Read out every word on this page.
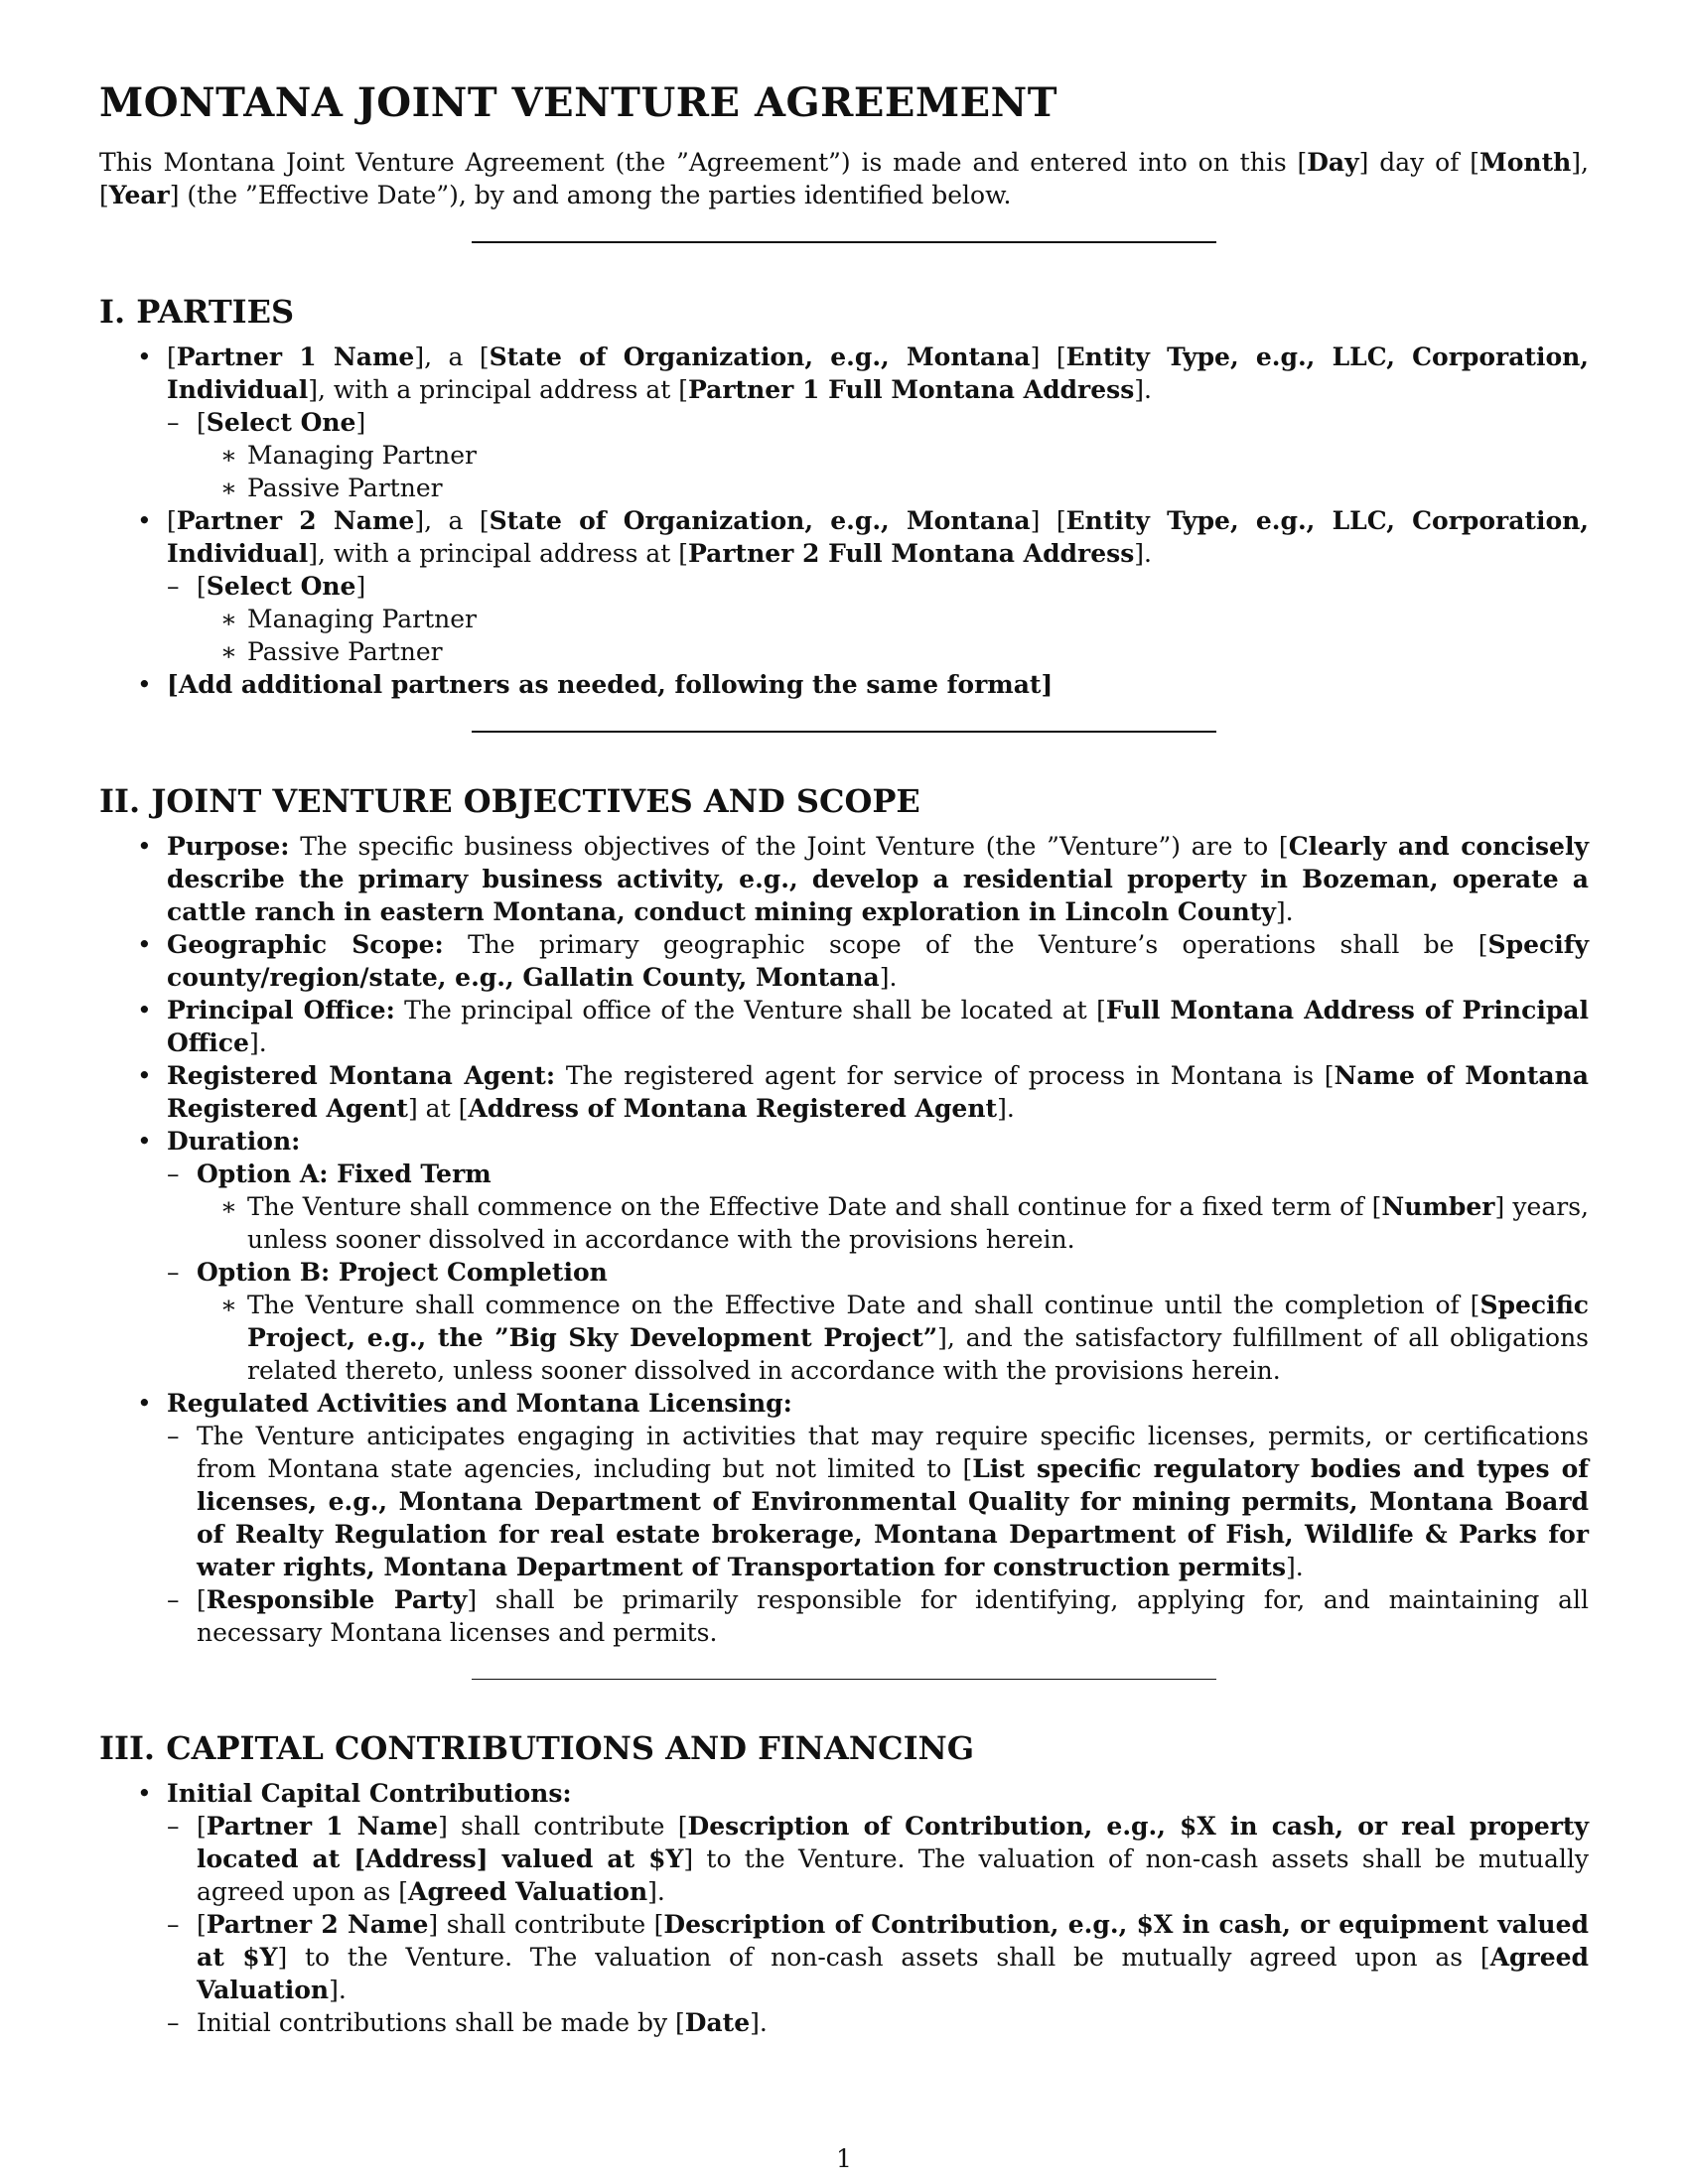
MONTANA JOINT VENTURE AGREEMENT

This Montana Joint Venture Agreement (the ”Agreement”) is made and entered into on this [Day] day of [Month], [Year] (the ”Effective Date”), by and among the parties identified below.

I. PARTIES
• [Partner 1 Name], a [State of Organization, e.g., Montana] [Entity Type, e.g., LLC, Corporation, Individual], with a principal address at [Partner 1 Full Montana Address].
– [Select One]
∗ Managing Partner
∗ Passive Partner
• [Partner 2 Name], a [State of Organization, e.g., Montana] [Entity Type, e.g., LLC, Corporation, Individual], with a principal address at [Partner 2 Full Montana Address].
– [Select One]
∗ Managing Partner
∗ Passive Partner
• [Add additional partners as needed, following the same format]
II. JOINT VENTURE OBJECTIVES AND SCOPE
• Purpose: The specific business objectives of the Joint Venture (the ”Venture”) are to [Clearly and concisely describe the primary business activity, e.g., develop a residential property in Bozeman, operate a cattle ranch in eastern Montana, conduct mining exploration in Lincoln County].
• Geographic Scope: The primary geographic scope of the Venture’s operations shall be [Specify county/region/state, e.g., Gallatin County, Montana].
• Principal Office: The principal office of the Venture shall be located at [Full Montana Address of Principal Office].
• Registered Montana Agent: The registered agent for service of process in Montana is [Name of Montana Registered Agent] at [Address of Montana Registered Agent].
• Duration:
– Option A: Fixed Term
∗ The Venture shall commence on the Effective Date and shall continue for a fixed term of [Number] years, unless sooner dissolved in accordance with the provisions herein.
– Option B: Project Completion
∗ The Venture shall commence on the Effective Date and shall continue until the completion of [Specific Project, e.g., the ”Big Sky Development Project”], and the satisfactory fulfillment of all obligations related thereto, unless sooner dissolved in accordance with the provisions herein.
• Regulated Activities and Montana Licensing:
– The Venture anticipates engaging in activities that may require specific licenses, permits, or certifications from Montana state agencies, including but not limited to [List specific regulatory bodies and types of licenses, e.g., Montana Department of Environmental Quality for mining permits, Montana Board of Realty Regulation for real estate brokerage, Montana Department of Fish, Wildlife & Parks for water rights, Montana Department of Transportation for construction permits].
– [Responsible Party] shall be primarily responsible for identifying, applying for, and maintaining all necessary Montana licenses and permits.
III. CAPITAL CONTRIBUTIONS AND FINANCING
• Initial Capital Contributions:
– [Partner 1 Name] shall contribute [Description of Contribution, e.g., $X in cash, or real property located at [Address] valued at $Y] to the Venture. The valuation of non-cash assets shall be mutually agreed upon as [Agreed Valuation].
– [Partner 2 Name] shall contribute [Description of Contribution, e.g., $X in cash, or equipment valued at $Y] to the Venture. The valuation of non-cash assets shall be mutually agreed upon as [Agreed Valuation].
– Initial contributions shall be made by [Date].
1
